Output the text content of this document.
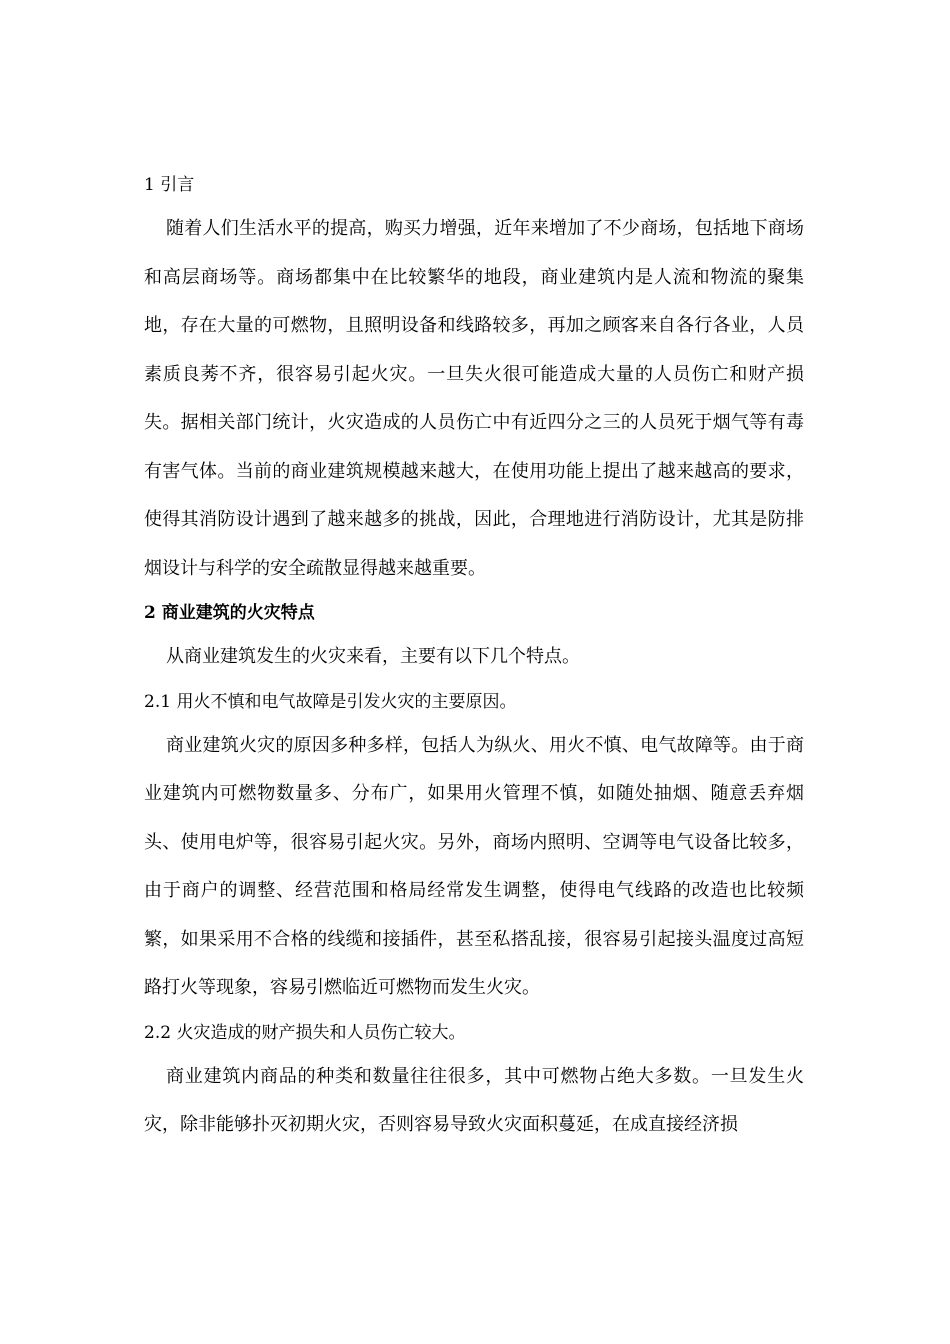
1 引言

随着人们生活水平的提高，购买力增强，近年来增加了不少商场，包括地下商场和高层商场等。商场都集中在比较繁华的地段，商业建筑内是人流和物流的聚集地，存在大量的可燃物，且照明设备和线路较多，再加之顾客来自各行各业，人员素质良莠不齐，很容易引起火灾。一旦失火很可能造成大量的人员伤亡和财产损失。据相关部门统计，火灾造成的人员伤亡中有近四分之三的人员死于烟气等有毒有害气体。当前的商业建筑规模越来越大，在使用功能上提出了越来越高的要求，使得其消防设计遇到了越来越多的挑战，因此，合理地进行消防设计，尤其是防排烟设计与科学的安全疏散显得越来越重要。

2 商业建筑的火灾特点

从商业建筑发生的火灾来看，主要有以下几个特点。

2.1 用火不慎和电气故障是引发火灾的主要原因。

商业建筑火灾的原因多种多样，包括人为纵火、用火不慎、电气故障等。由于商业建筑内可燃物数量多、分布广，如果用火管理不慎，如随处抽烟、随意丢弃烟头、使用电炉等，很容易引起火灾。另外，商场内照明、空调等电气设备比较多，由于商户的调整、经营范围和格局经常发生调整，使得电气线路的改造也比较频繁，如果采用不合格的线缆和接插件，甚至私搭乱接，很容易引起接头温度过高短路打火等现象，容易引燃临近可燃物而发生火灾。

2.2 火灾造成的财产损失和人员伤亡较大。

商业建筑内商品的种类和数量往往很多，其中可燃物占绝大多数。一旦发生火灾，除非能够扑灭初期火灾，否则容易导致火灾面积蔓延，在成直接经济损
